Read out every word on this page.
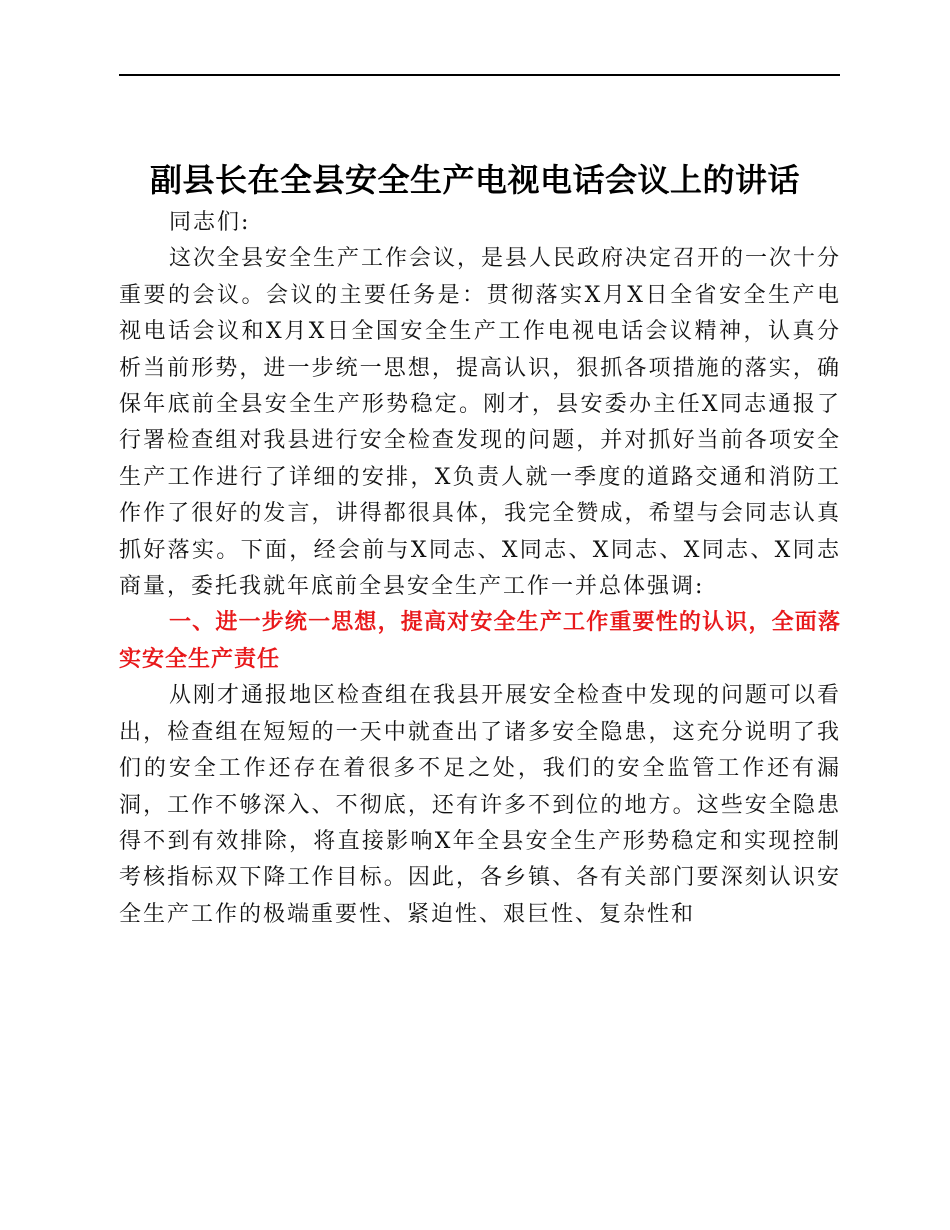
副县长在全县安全生产电视电话会议上的讲话

同志们:

这次全县安全生产工作会议，是县人民政府决定召开的一次十分重要的会议。会议的主要任务是：贯彻落实X月X日全省安全生产电视电话会议和X月X日全国安全生产工作电视电话会议精神，认真分析当前形势，进一步统一思想，提高认识，狠抓各项措施的落实，确保年底前全县安全生产形势稳定。刚才，县安委办主任X同志通报了行署检查组对我县进行安全检查发现的问题，并对抓好当前各项安全生产工作进行了详细的安排，X负责人就一季度的道路交通和消防工作作了很好的发言，讲得都很具体，我完全赞成，希望与会同志认真抓好落实。下面，经会前与X同志、X同志、X同志、X同志、X同志商量，委托我就年底前全县安全生产工作一并总体强调:

一、进一步统一思想，提高对安全生产工作重要性的认识，全面落实安全生产责任

从刚才通报地区检查组在我县开展安全检查中发现的问题可以看出，检查组在短短的一天中就查出了诸多安全隐患，这充分说明了我们的安全工作还存在着很多不足之处，我们的安全监管工作还有漏洞，工作不够深入、不彻底，还有许多不到位的地方。这些安全隐患得不到有效排除，将直接影响X年全县安全生产形势稳定和实现控制考核指标双下降工作目标。因此，各乡镇、各有关部门要深刻认识安全生产工作的极端重要性、紧迫性、艰巨性、复杂性和
